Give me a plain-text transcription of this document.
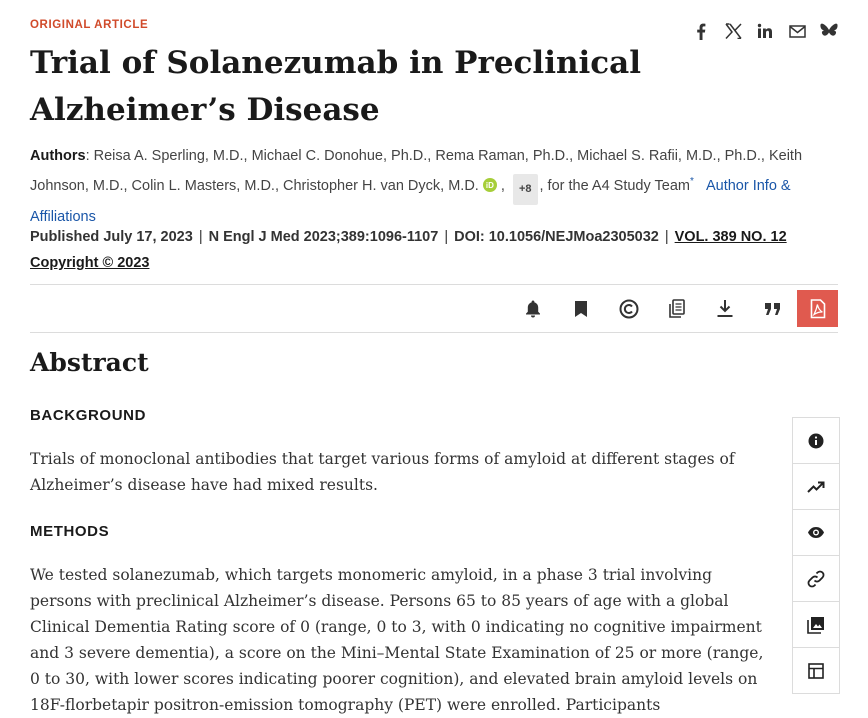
ORIGINAL ARTICLE
Trial of Solanezumab in Preclinical Alzheimer’s Disease
Authors: Reisa A. Sperling, M.D., Michael C. Donohue, Ph.D., Rema Raman, Ph.D., Michael S. Rafii, M.D., Ph.D., Keith Johnson, M.D., Colin L. Masters, M.D., Christopher H. van Dyck, M.D. iD , +8 , for the A4 Study Team* Author Info & Affiliations
Published July 17, 2023 | N Engl J Med 2023;389:1096-1107 | DOI: 10.1056/NEJMoa2305032 | VOL. 389 NO. 12
Copyright © 2023
Abstract
BACKGROUND

Trials of monoclonal antibodies that target various forms of amyloid at different stages of Alzheimer’s disease have had mixed results.

METHODS

We tested solanezumab, which targets monomeric amyloid, in a phase 3 trial involving persons with preclinical Alzheimer’s disease. Persons 65 to 85 years of age with a global Clinical Dementia Rating score of 0 (range, 0 to 3, with 0 indicating no cognitive impairment and 3 severe dementia), a score on the Mini–Mental State Examination of 25 or more (range, 0 to 30, with lower scores indicating poorer cognition), and elevated brain amyloid levels on 18F-florbetapir positron-emission tomography (PET) were enrolled. Participants
